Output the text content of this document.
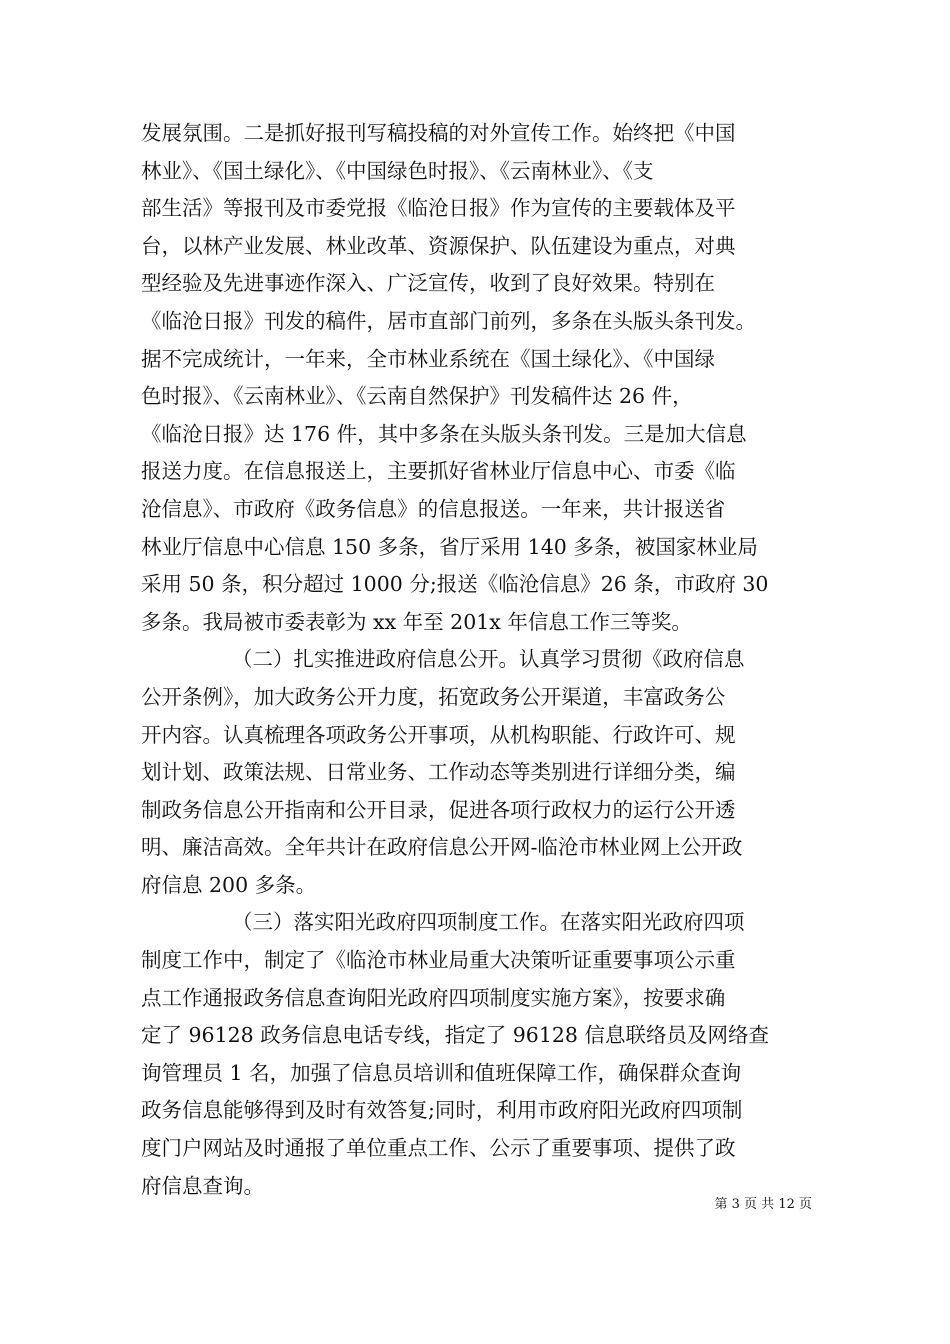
发展氛围。二是抓好报刊写稿投稿的对外宣传工作。始终把《中国
林业》、《国土绿化》、《中国绿色时报》、《云南林业》、《支
部生活》等报刊及市委党报《临沧日报》作为宣传的主要载体及平
台，以林产业发展、林业改革、资源保护、队伍建设为重点，对典
型经验及先进事迹作深入、广泛宣传，收到了良好效果。特别在
《临沧日报》刊发的稿件，居市直部门前列，多条在头版头条刊发。
据不完成统计，一年来，全市林业系统在《国土绿化》、《中国绿
色时报》、《云南林业》、《云南自然保护》刊发稿件达 26 件，
《临沧日报》达 176 件，其中多条在头版头条刊发。三是加大信息
报送力度。在信息报送上，主要抓好省林业厅信息中心、市委《临
沧信息》、市政府《政务信息》的信息报送。一年来，共计报送省
林业厅信息中心信息 150 多条，省厅采用 140 多条，被国家林业局
采用 50 条，积分超过 1000 分;报送《临沧信息》26 条，市政府 30
多条。我局被市委表彰为 xx 年至 201x 年信息工作三等奖。
（二）扎实推进政府信息公开。认真学习贯彻《政府信息
公开条例》，加大政务公开力度，拓宽政务公开渠道，丰富政务公
开内容。认真梳理各项政务公开事项，从机构职能、行政许可、规
划计划、政策法规、日常业务、工作动态等类别进行详细分类，编
制政务信息公开指南和公开目录，促进各项行政权力的运行公开透
明、廉洁高效。全年共计在政府信息公开网-临沧市林业网上公开政
府信息 200 多条。
（三）落实阳光政府四项制度工作。在落实阳光政府四项
制度工作中，制定了《临沧市林业局重大决策听证重要事项公示重
点工作通报政务信息查询阳光政府四项制度实施方案》，按要求确
定了 96128 政务信息电话专线，指定了 96128 信息联络员及网络查
询管理员 1 名，加强了信息员培训和值班保障工作，确保群众查询
政务信息能够得到及时有效答复;同时，利用市政府阳光政府四项制
度门户网站及时通报了单位重点工作、公示了重要事项、提供了政
府信息查询。
第 3 页 共 12 页
